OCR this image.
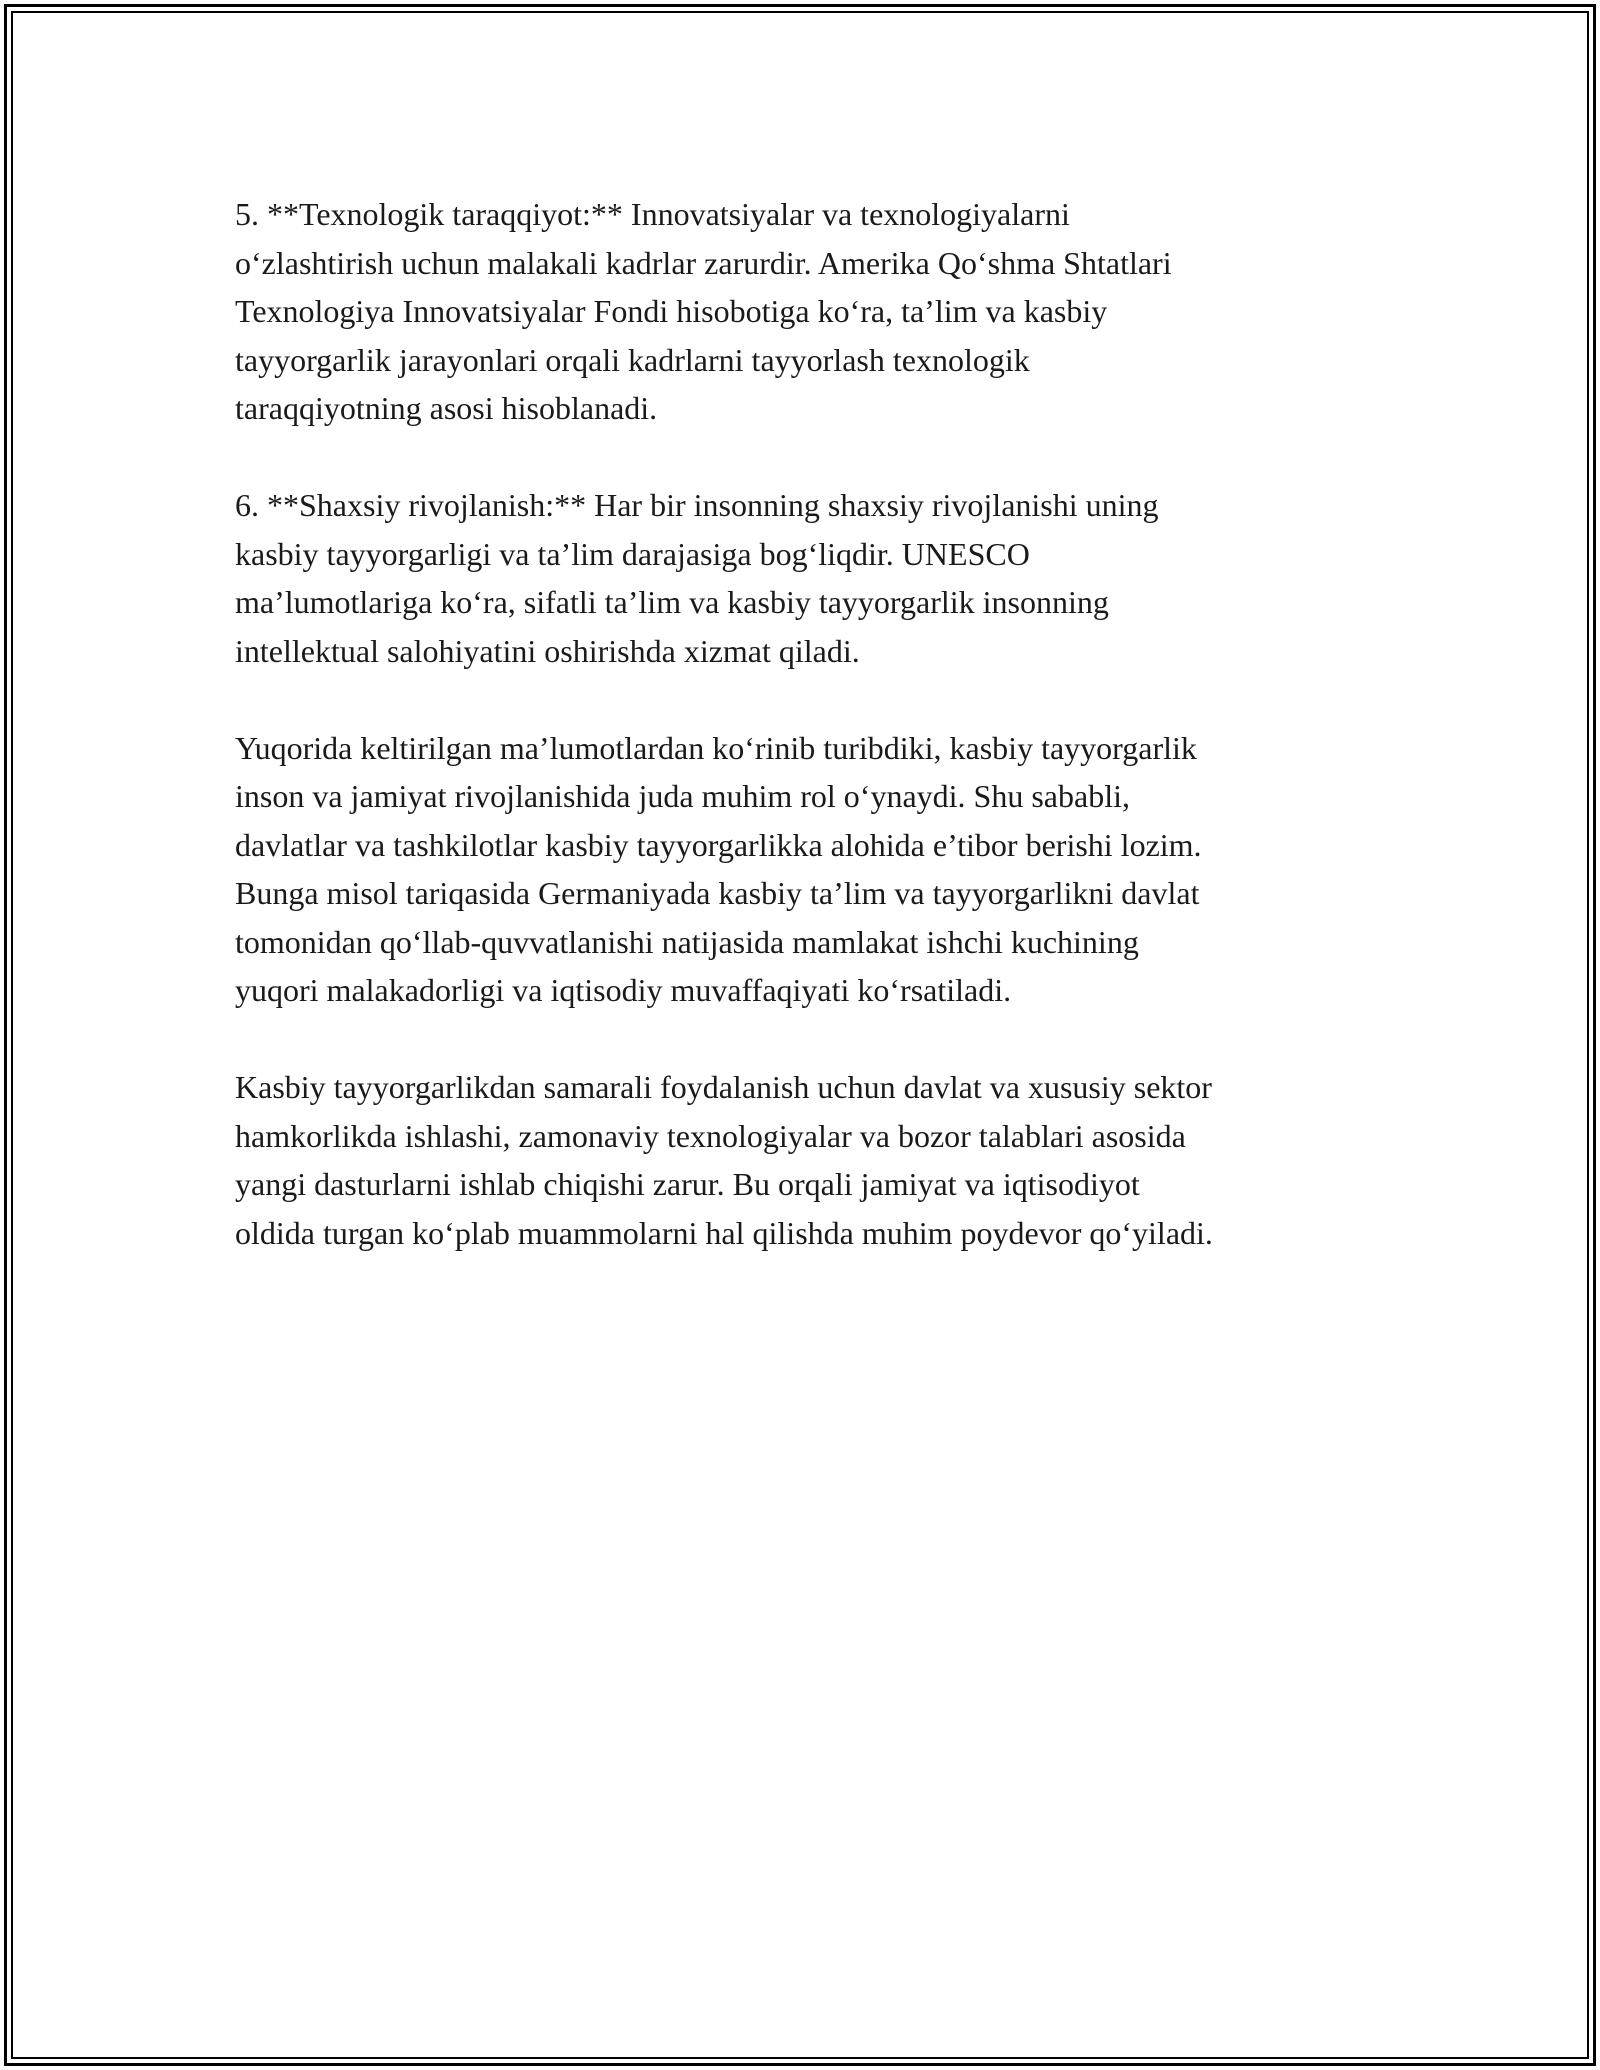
5. **Texnologik taraqqiyot:** Innovatsiyalar va texnologiyalarni
o‘zlashtirish uchun malakali kadrlar zarurdir. Amerika Qo‘shma Shtatlari
Texnologiya Innovatsiyalar Fondi hisobotiga ko‘ra, ta’lim va kasbiy
tayyorgarlik jarayonlari orqali kadrlarni tayyorlash texnologik
taraqqiyotning asosi hisoblanadi.

6. **Shaxsiy rivojlanish:** Har bir insonning shaxsiy rivojlanishi uning
kasbiy tayyorgarligi va ta’lim darajasiga bog‘liqdir. UNESCO
ma’lumotlariga ko‘ra, sifatli ta’lim va kasbiy tayyorgarlik insonning
intellektual salohiyatini oshirishda xizmat qiladi.

Yuqorida keltirilgan ma’lumotlardan ko‘rinib turibdiki, kasbiy tayyorgarlik
inson va jamiyat rivojlanishida juda muhim rol o‘ynaydi. Shu sababli,
davlatlar va tashkilotlar kasbiy tayyorgarlikka alohida e’tibor berishi lozim.
Bunga misol tariqasida Germaniyada kasbiy ta’lim va tayyorgarlikni davlat
tomonidan qo‘llab-quvvatlanishi natijasida mamlakat ishchi kuchining
yuqori malakadorligi va iqtisodiy muvaffaqiyati ko‘rsatiladi.

Kasbiy tayyorgarlikdan samarali foydalanish uchun davlat va xususiy sektor
hamkorlikda ishlashi, zamonaviy texnologiyalar va bozor talablari asosida
yangi dasturlarni ishlab chiqishi zarur. Bu orqali jamiyat va iqtisodiyot
oldida turgan ko‘plab muammolarni hal qilishda muhim poydevor qo‘yiladi.
